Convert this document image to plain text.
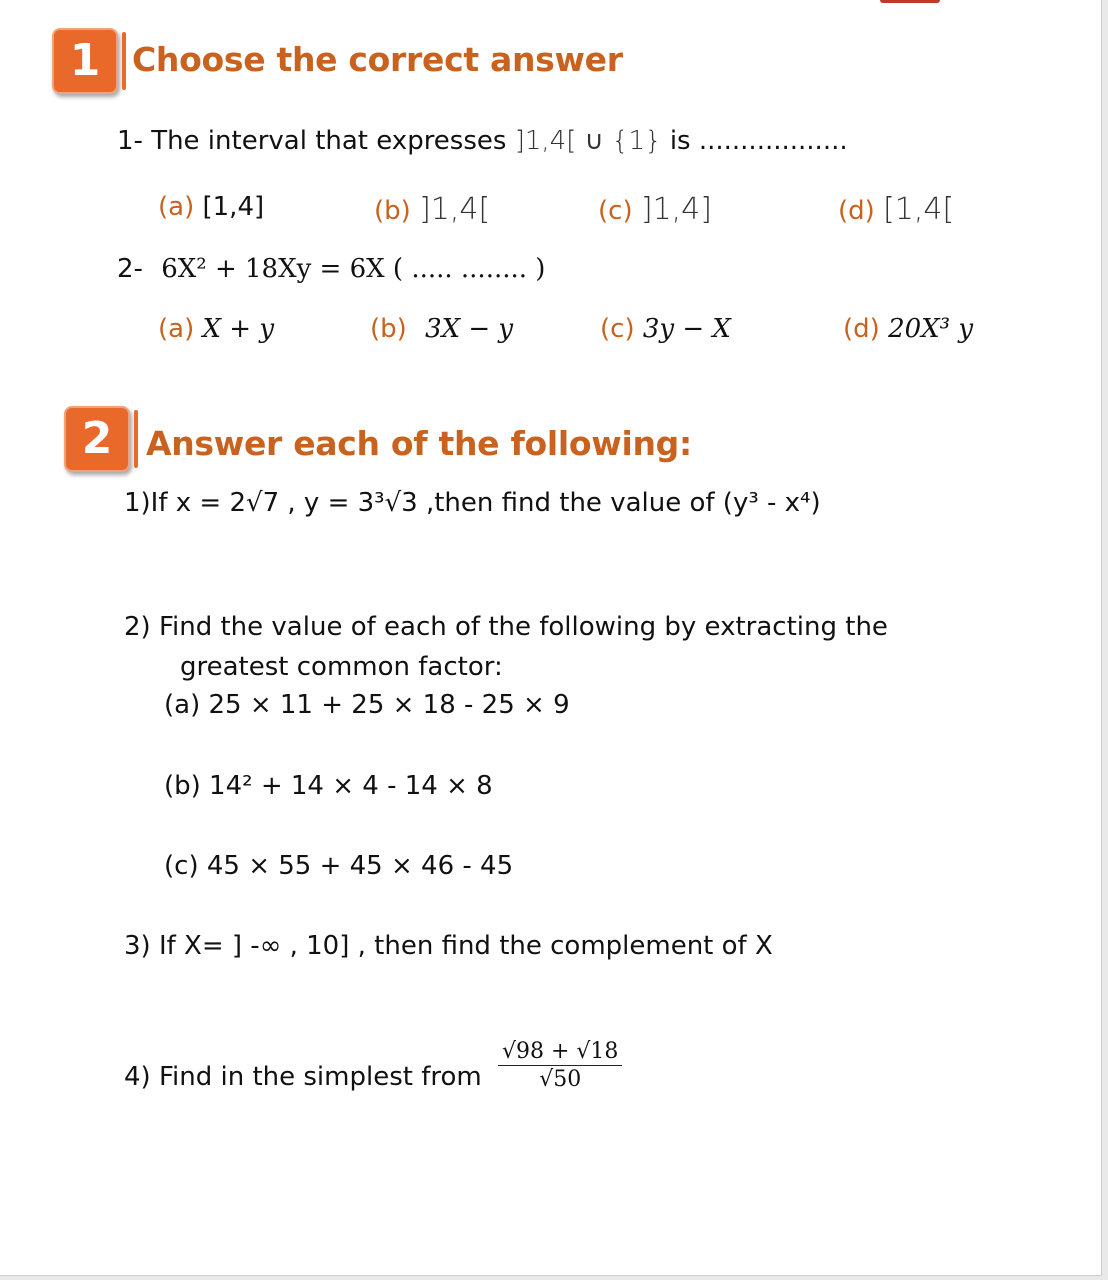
1 Choose the correct answer
1- The interval that expresses ]1,4[ ∪ {1} is ..................
(a) [1,4]	(b) ]1,4[	(c) ]1,4]	(d) [1,4[
2- 6X² + 18Xy = 6X ( ..... ........ )
(a) X + y	(b) 3X − y	(c) 3y − X	(d) 20X³ y
2	Answer each of the following:
1)If x = 2√7 , y = 3³√3 ,then find the value of (y³ - x⁴)
2) Find the value of each of the following by extracting the
greatest common factor:
(a) 25 × 11 + 25 × 18 - 25 × 9
(b) 14² + 14 × 4 - 14 × 8
(c) 45 × 55 + 45 × 46 - 45
3) If X= ] -∞ , 10] , then find the complement of X
4) Find in the simplest from $\frac{√98 + √18}{√50}$
